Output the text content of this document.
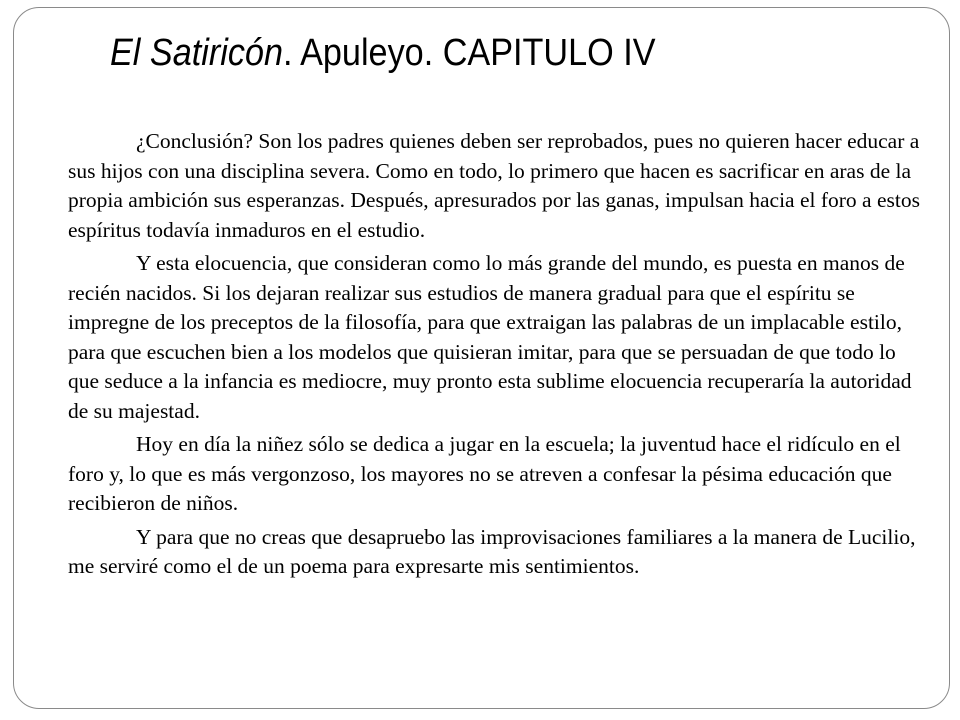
El Satiricón. Apuleyo. CAPITULO IV

¿Conclusión? Son los padres quienes deben ser reprobados, pues no quieren hacer educar a sus hijos con una disciplina severa. Como en todo, lo primero que hacen es sacrificar en aras de la propia ambición sus esperanzas. Después, apresurados por las ganas, impulsan hacia el foro a estos espíritus todavía inmaduros en el estudio.

Y esta elocuencia, que consideran como lo más grande del mundo, es puesta en manos de recién nacidos. Si los dejaran realizar sus estudios de manera gradual para que el espíritu se impregne de los preceptos de la filosofía, para que extraigan las palabras de un implacable estilo, para que escuchen bien a los modelos que quisieran imitar, para que se persuadan de que todo lo que seduce a la infancia es mediocre, muy pronto esta sublime elocuencia recuperaría la autoridad de su majestad.

Hoy en día la niñez sólo se dedica a jugar en la escuela; la juventud hace el ridículo en el foro y, lo que es más vergonzoso, los mayores no se atreven a confesar la pésima educación que recibieron de niños.

Y para que no creas que desapruebo las improvisaciones familiares a la manera de Lucilio, me serviré como el de un poema para expresarte mis sentimientos.
